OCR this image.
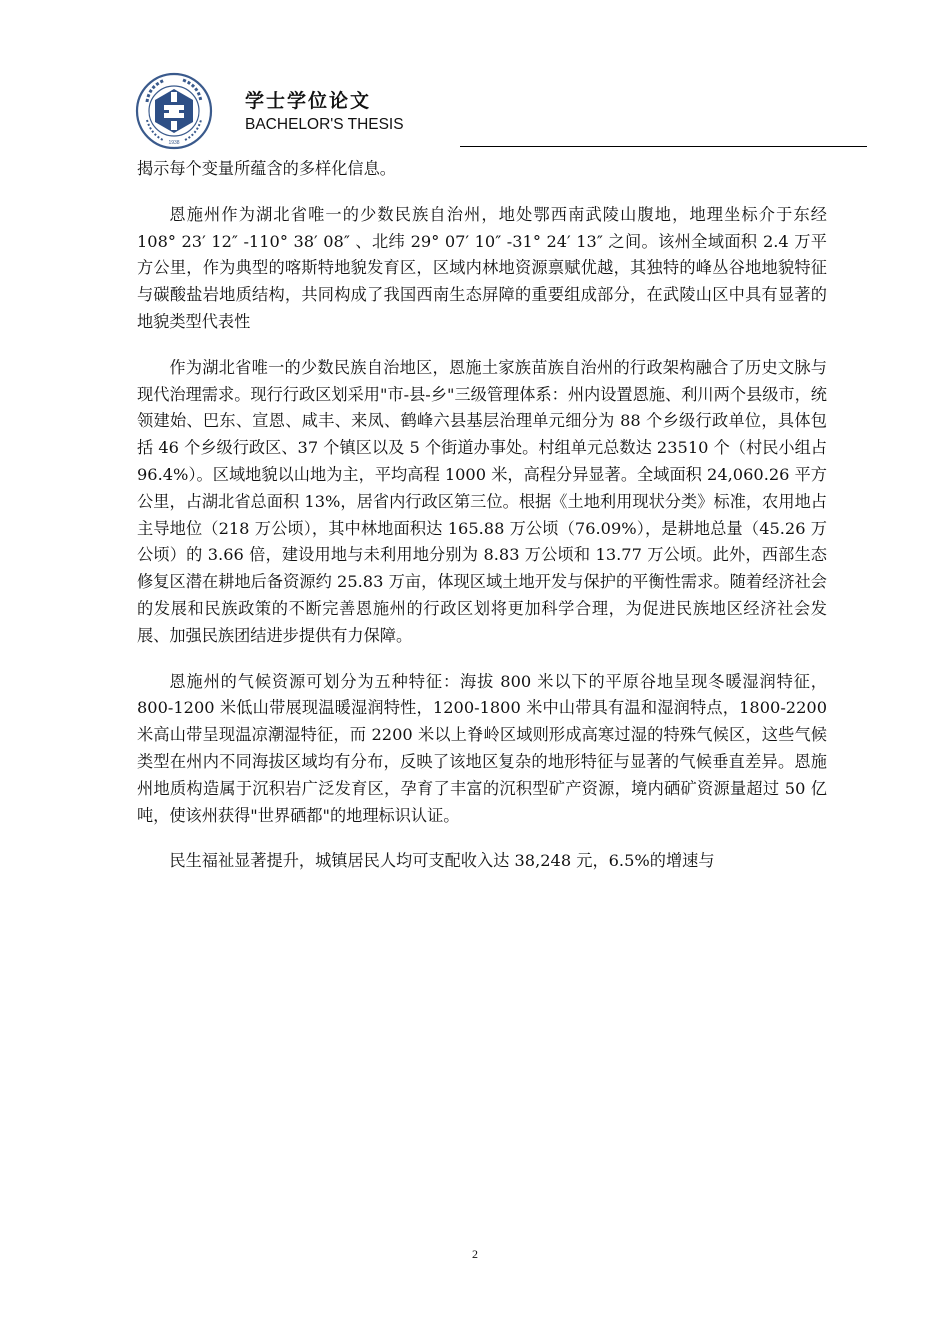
1938
学士学位论文
BACHELOR'S THESIS

揭示每个变量所蕴含的多样化信息。

恩施州作为湖北省唯一的少数民族自治州，地处鄂西南武陵山腹地，地理坐标介于东经 108° 23′ 12″ -110° 38′ 08″ 、北纬 29° 07′ 10″ -31° 24′ 13″ 之间。该州全域面积 2.4 万平方公里，作为典型的喀斯特地貌发育区，区域内林地资源禀赋优越，其独特的峰丛谷地地貌特征与碳酸盐岩地质结构，共同构成了我国西南生态屏障的重要组成部分，在武陵山区中具有显著的地貌类型代表性

作为湖北省唯一的少数民族自治地区，恩施土家族苗族自治州的行政架构融合了历史文脉与现代治理需求。现行行政区划采用"市-县-乡"三级管理体系：州内设置恩施、利川两个县级市，统领建始、巴东、宣恩、咸丰、来凤、鹤峰六县基层治理单元细分为 88 个乡级行政单位，具体包括 46 个乡级行政区、37 个镇区以及 5 个街道办事处。村组单元总数达 23510 个（村民小组占 96.4%）。区域地貌以山地为主，平均高程 1000 米，高程分异显著。全域面积 24,060.26 平方公里，占湖北省总面积 13%，居省内行政区第三位。根据《土地利用现状分类》标准，农用地占主导地位（218 万公顷），其中林地面积达 165.88 万公顷（76.09%），是耕地总量（45.26 万公顷）的 3.66 倍，建设用地与未利用地分别为 8.83 万公顷和 13.77 万公顷。此外，西部生态修复区潜在耕地后备资源约 25.83 万亩，体现区域土地开发与保护的平衡性需求。随着经济社会的发展和民族政策的不断完善恩施州的行政区划将更加科学合理，为促进民族地区经济社会发展、加强民族团结进步提供有力保障。

恩施州的气候资源可划分为五种特征：海拔 800 米以下的平原谷地呈现冬暖湿润特征，800-1200 米低山带展现温暖湿润特性，1200-1800 米中山带具有温和湿润特点，1800-2200 米高山带呈现温凉潮湿特征，而 2200 米以上脊岭区域则形成高寒过湿的特殊气候区，这些气候类型在州内不同海拔区域均有分布，反映了该地区复杂的地形特征与显著的气候垂直差异。恩施州地质构造属于沉积岩广泛发育区，孕育了丰富的沉积型矿产资源，境内硒矿资源量超过 50 亿吨，使该州获得"世界硒都"的地理标识认证。

民生福祉显著提升，城镇居民人均可支配收入达 38,248 元，6.5%的增速与

2
